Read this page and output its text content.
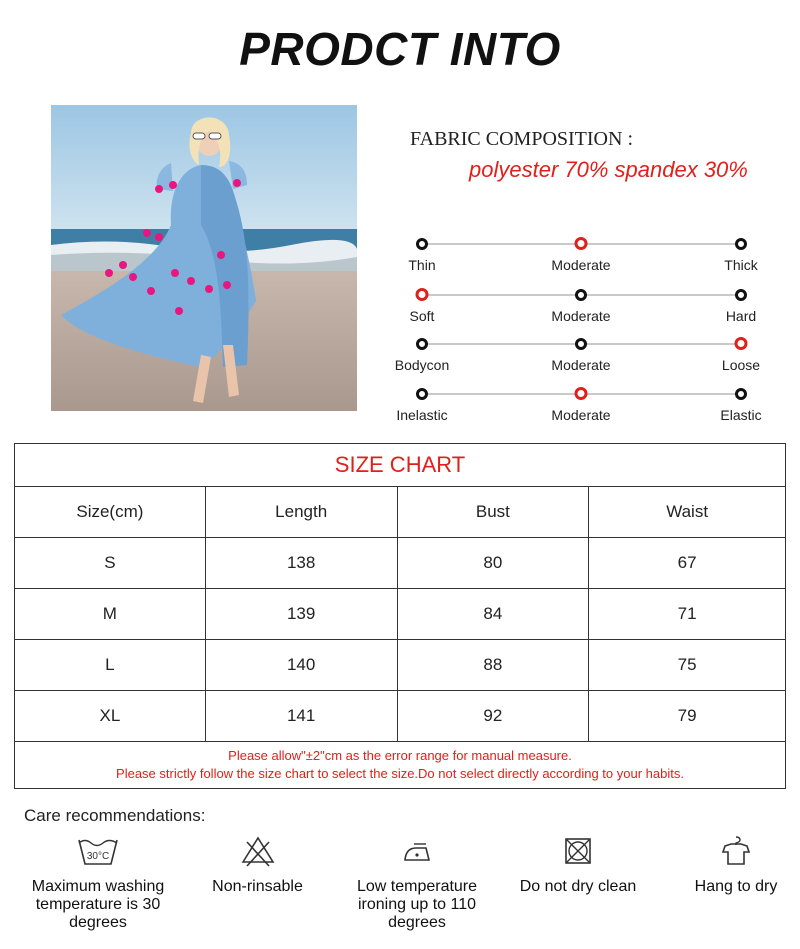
PRODCT INTO
FABRIC COMPOSITION :
polyester 70% spandex 30%
Thin	Moderate	Thick
Soft	Moderate	Hard
Bodycon	Moderate	Loose
Inelastic	Moderate	Elastic
SIZE CHART			
Size(cm)	Length	Bust	Waist
S	138	80	67
M	139	84	71
L	140	88	75
XL	141	92	79

Please allow"±2"cm as the error range for manual measure.
Please strictly follow the size chart to select the size.Do not select directly according to your habits.			
Care recommendations:
30°C
Maximum washing temperature is 30 degrees
Non-rinsable	Low temperature ironing up to 110 degrees
Do not dry clean	Hang to dry
